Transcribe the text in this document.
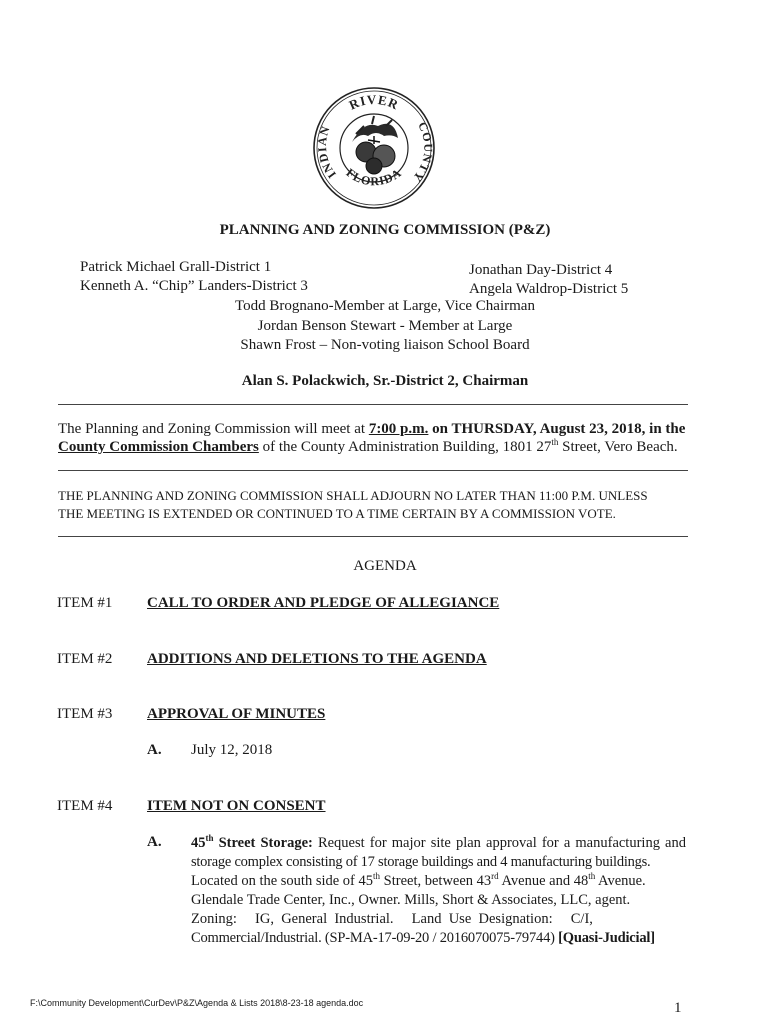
RIVER
INDIAN	COUNTY
FLORIDA
PLANNING AND ZONING COMMISSION (P&Z)
Patrick Michael Grall-District 1
Kenneth A. “Chip” Landers-District 3
Jonathan Day-District 4
Angela Waldrop-District 5
Todd Brognano-Member at Large, Vice Chairman
Jordan Benson Stewart - Member at Large
Shawn Frost – Non-voting liaison School Board
Alan S. Polackwich, Sr.-District 2, Chairman
The Planning and Zoning Commission will meet at 7:00 p.m. on THURSDAY, August 23, 2018, in the
County Commission Chambers of the County Administration Building, 1801 27th Street, Vero Beach.
THE PLANNING AND ZONING COMMISSION SHALL ADJOURN NO LATER THAN 11:00 P.M. UNLESS
THE MEETING IS EXTENDED OR CONTINUED TO A TIME CERTAIN BY A COMMISSION VOTE.
AGENDA
ITEM #1 CALL TO ORDER AND PLEDGE OF ALLEGIANCE
ITEM #2 ADDITIONS AND DELETIONS TO THE AGENDA
ITEM #3 APPROVAL OF MINUTES
A. July 12, 2018
ITEM #4 ITEM NOT ON CONSENT
A. 45th Street Storage: Request for major site plan approval for a manufacturing and
storage complex consisting of 17 storage buildings and 4 manufacturing buildings.
Located on the south side of 45th Street, between 43rd Avenue and 48th Avenue.
Glendale Trade Center, Inc., Owner. Mills, Short & Associates, LLC, agent.
Zoning:     IG,  General  Industrial.     Land  Use  Designation:     C/I,
Commercial/Industrial. (SP-MA-17-09-20 / 2016070075-79744) [Quasi-Judicial]
F:\Community Development\CurDev\P&Z\Agenda & Lists 2018\8-23-18 agenda.doc	1
